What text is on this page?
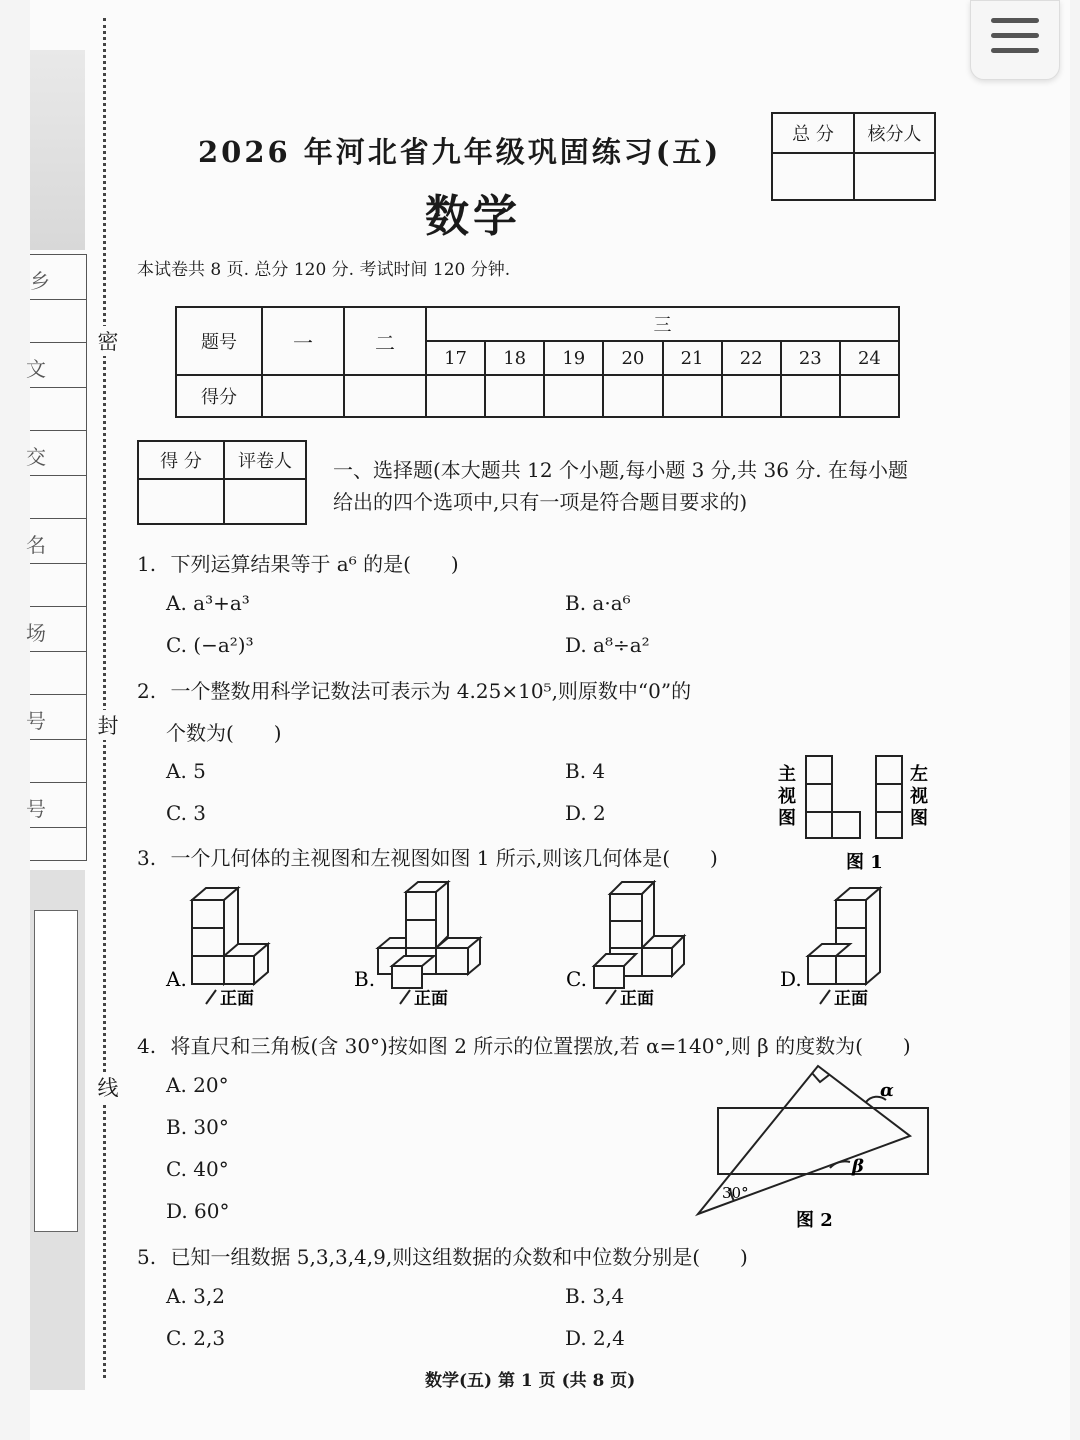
乡
文
交
名
场
号
号
密
封
线
2026 年河北省九年级巩固练习(五)
数学
总 分	核分人

本试卷共 8 页. 总分 120 分. 考试时间 120 分钟.
题号	一	二	三							
			17	18	19	20	21	22	23	24
得分										
得 分	评卷人
	一、选择题(本大题共 12 个小题,每小题 3 分,共 36 分. 在每小题
给出的四个选项中,只有一项是符合题目要求的)
1. 下列运算结果等于 a⁶ 的是(　　)
A. a³+a³	B. a·a⁶
C. (−a²)³	D. a⁸÷a²
2. 一个整数用科学记数法可表示为 4.25×10⁵,则原数中“0”的
个数为(　　)
A. 5	B. 4
C. 3	D. 2
主
视
图
左
视
图
图 1
3. 一个几何体的主视图和左视图如图 1 所示,则该几何体是(　　)
A.	B.	C.	D.
正面	正面	正面	正面
4. 将直尺和三角板(含 30°)按如图 2 所示的位置摆放,若 α=140°,则 β 的度数为(　　)
A. 20°
B. 30°
C. 40°
D. 60°
α
β
30°
图 2
5. 已知一组数据 5,3,3,4,9,则这组数据的众数和中位数分别是(　　)
A. 3,2	B. 3,4
C. 2,3	D. 2,4
数学(五) 第 1 页 (共 8 页)
